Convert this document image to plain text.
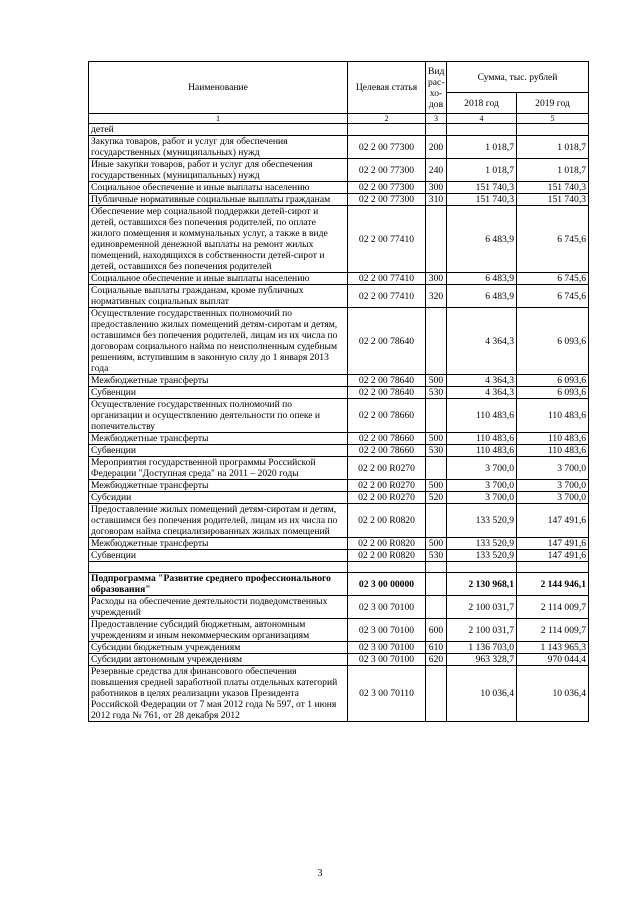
Наименование	Целевая статья	Вид рас- хо- дов	Сумма, тыс. рублей	
			2018 год	2019 год
1	2	3	4	5
детей				
Закупка товаров, работ и услуг для обеспечения государственных (муниципальных) нужд	02 2 00 77300	200	1 018,7	1 018,7
Иные закупки товаров, работ и услуг для обеспечения государственных (муниципальных) нужд	02 2 00 77300	240	1 018,7	1 018,7
Социальное обеспечение и иные выплаты населению	02 2 00 77300	300	151 740,3	151 740,3
Публичные нормативные социальные выплаты гражданам	02 2 00 77300	310	151 740,3	151 740,3
Обеспечение мер социальной поддержки детей-сирот и детей, оставшихся без попечения родителей, по оплате жилого помещения и коммунальных услуг, а также в виде единовременной денежной выплаты на ремонт жилых помещений, находящихся в собственности детей-сирот и детей, оставшихся без попечения родителей	02 2 00 77410		6 483,9	6 745,6
Социальное обеспечение и иные выплаты населению	02 2 00 77410	300	6 483,9	6 745,6
Социальные выплаты гражданам, кроме публичных нормативных социальных выплат	02 2 00 77410	320	6 483,9	6 745,6
Осуществление государственных полномочий по предоставлению жилых помещений детям-сиротам и детям, оставшимся без попечения родителей, лицам из их числа по договорам социального найма по неисполненным судебным решениям, вступившим в законную силу до 1 января 2013 года	02 2 00 78640		4 364,3	6 093,6
Межбюджетные трансферты	02 2 00 78640	500	4 364,3	6 093,6
Субвенции	02 2 00 78640	530	4 364,3	6 093,6
Осуществление государственных полномочий по организации и осуществлению деятельности по опеке и попечительству	02 2 00 78660		110 483,6	110 483,6
Межбюджетные трансферты	02 2 00 78660	500	110 483,6	110 483,6
Субвенции	02 2 00 78660	530	110 483,6	110 483,6
Мероприятия государственной программы Российской Федерации "Доступная среда" на 2011 – 2020 годы	02 2 00 R0270		3 700,0	3 700,0
Межбюджетные трансферты	02 2 00 R0270	500	3 700,0	3 700,0
Субсидии	02 2 00 R0270	520	3 700,0	3 700,0
Предоставление жилых помещений детям-сиротам и детям, оставшимся без попечения родителей, лицам из их числа по договорам найма специализированных жилых помещений	02 2 00 R0820		133 520,9	147 491,6
Межбюджетные трансферты	02 2 00 R0820	500	133 520,9	147 491,6
Субвенции	02 2 00 R0820	530	133 520,9	147 491,6

Подпрограмма "Развитие среднего профессионального образования"	02 3 00 00000		2 130 968,1	2 144 946,1
Расходы на обеспечение деятельности подведомственных учреждений	02 3 00 70100		2 100 031,7	2 114 009,7
Предоставление субсидий бюджетным, автономным учреждениям и иным некоммерческим организациям	02 3 00 70100	600	2 100 031,7	2 114 009,7
Субсидии бюджетным учреждениям	02 3 00 70100	610	1 136 703,0	1 143 965,3
Субсидии автономным учреждениям	02 3 00 70100	620	963 328,7	970 044,4
Резервные средства для финансового обеспечения повышения средней заработной платы отдельных категорий работников в целях реализации указов Президента Российской Федерации от 7 мая 2012 года № 597, от 1 июня 2012 года № 761, от 28 декабря 2012	02 3 00 70110		10 036,4	10 036,4
3
